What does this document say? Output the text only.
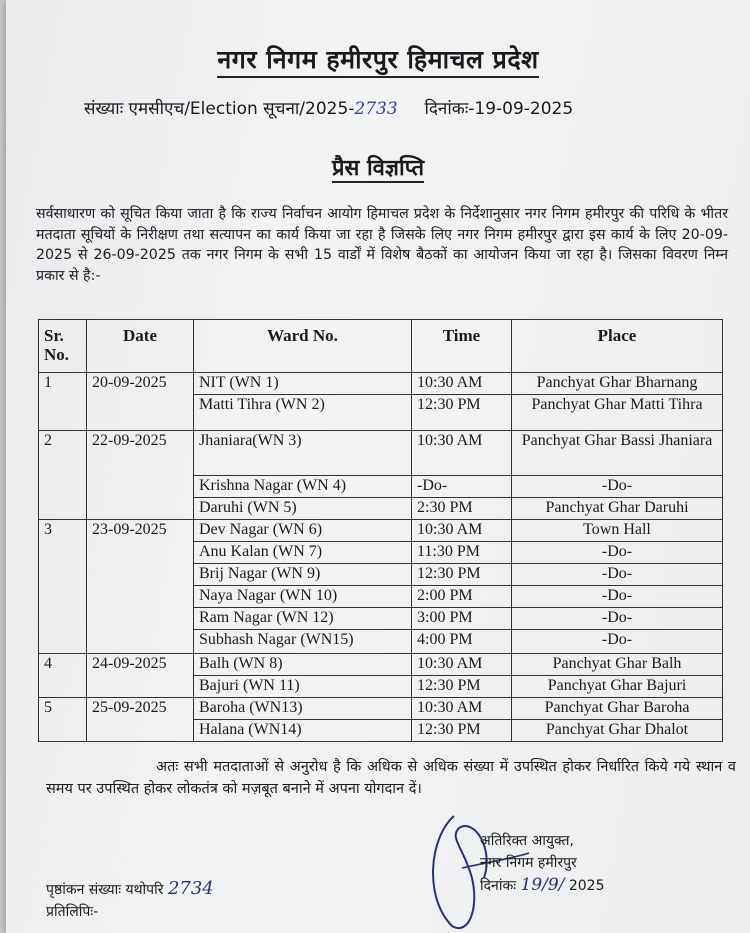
नगर निगम हमीरपुर हिमाचल प्रदेश
संख्याः एमसीएच/Election सूचना/2025-2733 दिनांकः-19-09-2025
प्रैस विज्ञप्ति
सर्वसाधारण को सूचित किया जाता है कि राज्य निर्वाचन आयोग हिमाचल प्रदेश के निर्देशानुसार नगर निगम हमीरपुर की परिधि के भीतर मतदाता सूचियों के निरीक्षण तथा सत्यापन का कार्य किया जा रहा है जिसके लिए नगर निगम हमीरपुर द्वारा इस कार्य के लिए 20-09-2025 से 26-09-2025 तक नगर निगम के सभी 15 वार्डों में विशेष बैठकों का आयोजन किया जा रहा है। जिसका विवरण निम्न प्रकार से है:-
Sr. No.	Date	Ward No.	Time	Place
1	20-09-2025	NIT (WN 1)	10:30 AM	Panchyat Ghar Bharnang
		Matti Tihra (WN 2)	12:30 PM	Panchyat Ghar Matti Tihra
2	22-09-2025	Jhaniara(WN 3)	10:30 AM	Panchyat Ghar Bassi Jhaniara
		Krishna Nagar (WN 4)	-Do-	-Do-
		Daruhi (WN 5)	2:30 PM	Panchyat Ghar Daruhi
3	23-09-2025	Dev Nagar (WN 6)	10:30 AM	Town Hall
		Anu Kalan (WN 7)	11:30 PM	-Do-
		Brij Nagar (WN 9)	12:30 PM	-Do-
		Naya Nagar (WN 10)	2:00 PM	-Do-
		Ram Nagar (WN 12)	3:00 PM	-Do-
		Subhash Nagar (WN15)	4:00 PM	-Do-
4	24-09-2025	Balh (WN 8)	10:30 AM	Panchyat Ghar Balh
		Bajuri (WN 11)	12:30 PM	Panchyat Ghar Bajuri
5	25-09-2025	Baroha (WN13)	10:30 AM	Panchyat Ghar Baroha
		Halana (WN14)	12:30 PM	Panchyat Ghar Dhalot
अतः सभी मतदाताओं से अनुरोध है कि अधिक से अधिक संख्या में उपस्थित होकर निर्धारित किये गये स्थान व समय पर उपस्थित होकर लोकतंत्र को मज़बूत बनाने में अपना योगदान दें।
अतिरिक्त आयुक्त,
नगर निगम हमीरपुर
दिनांकः 19/9/ 2025
पृष्ठांकन संख्याः यथोपरि 2734
प्रतिलिपिः-
